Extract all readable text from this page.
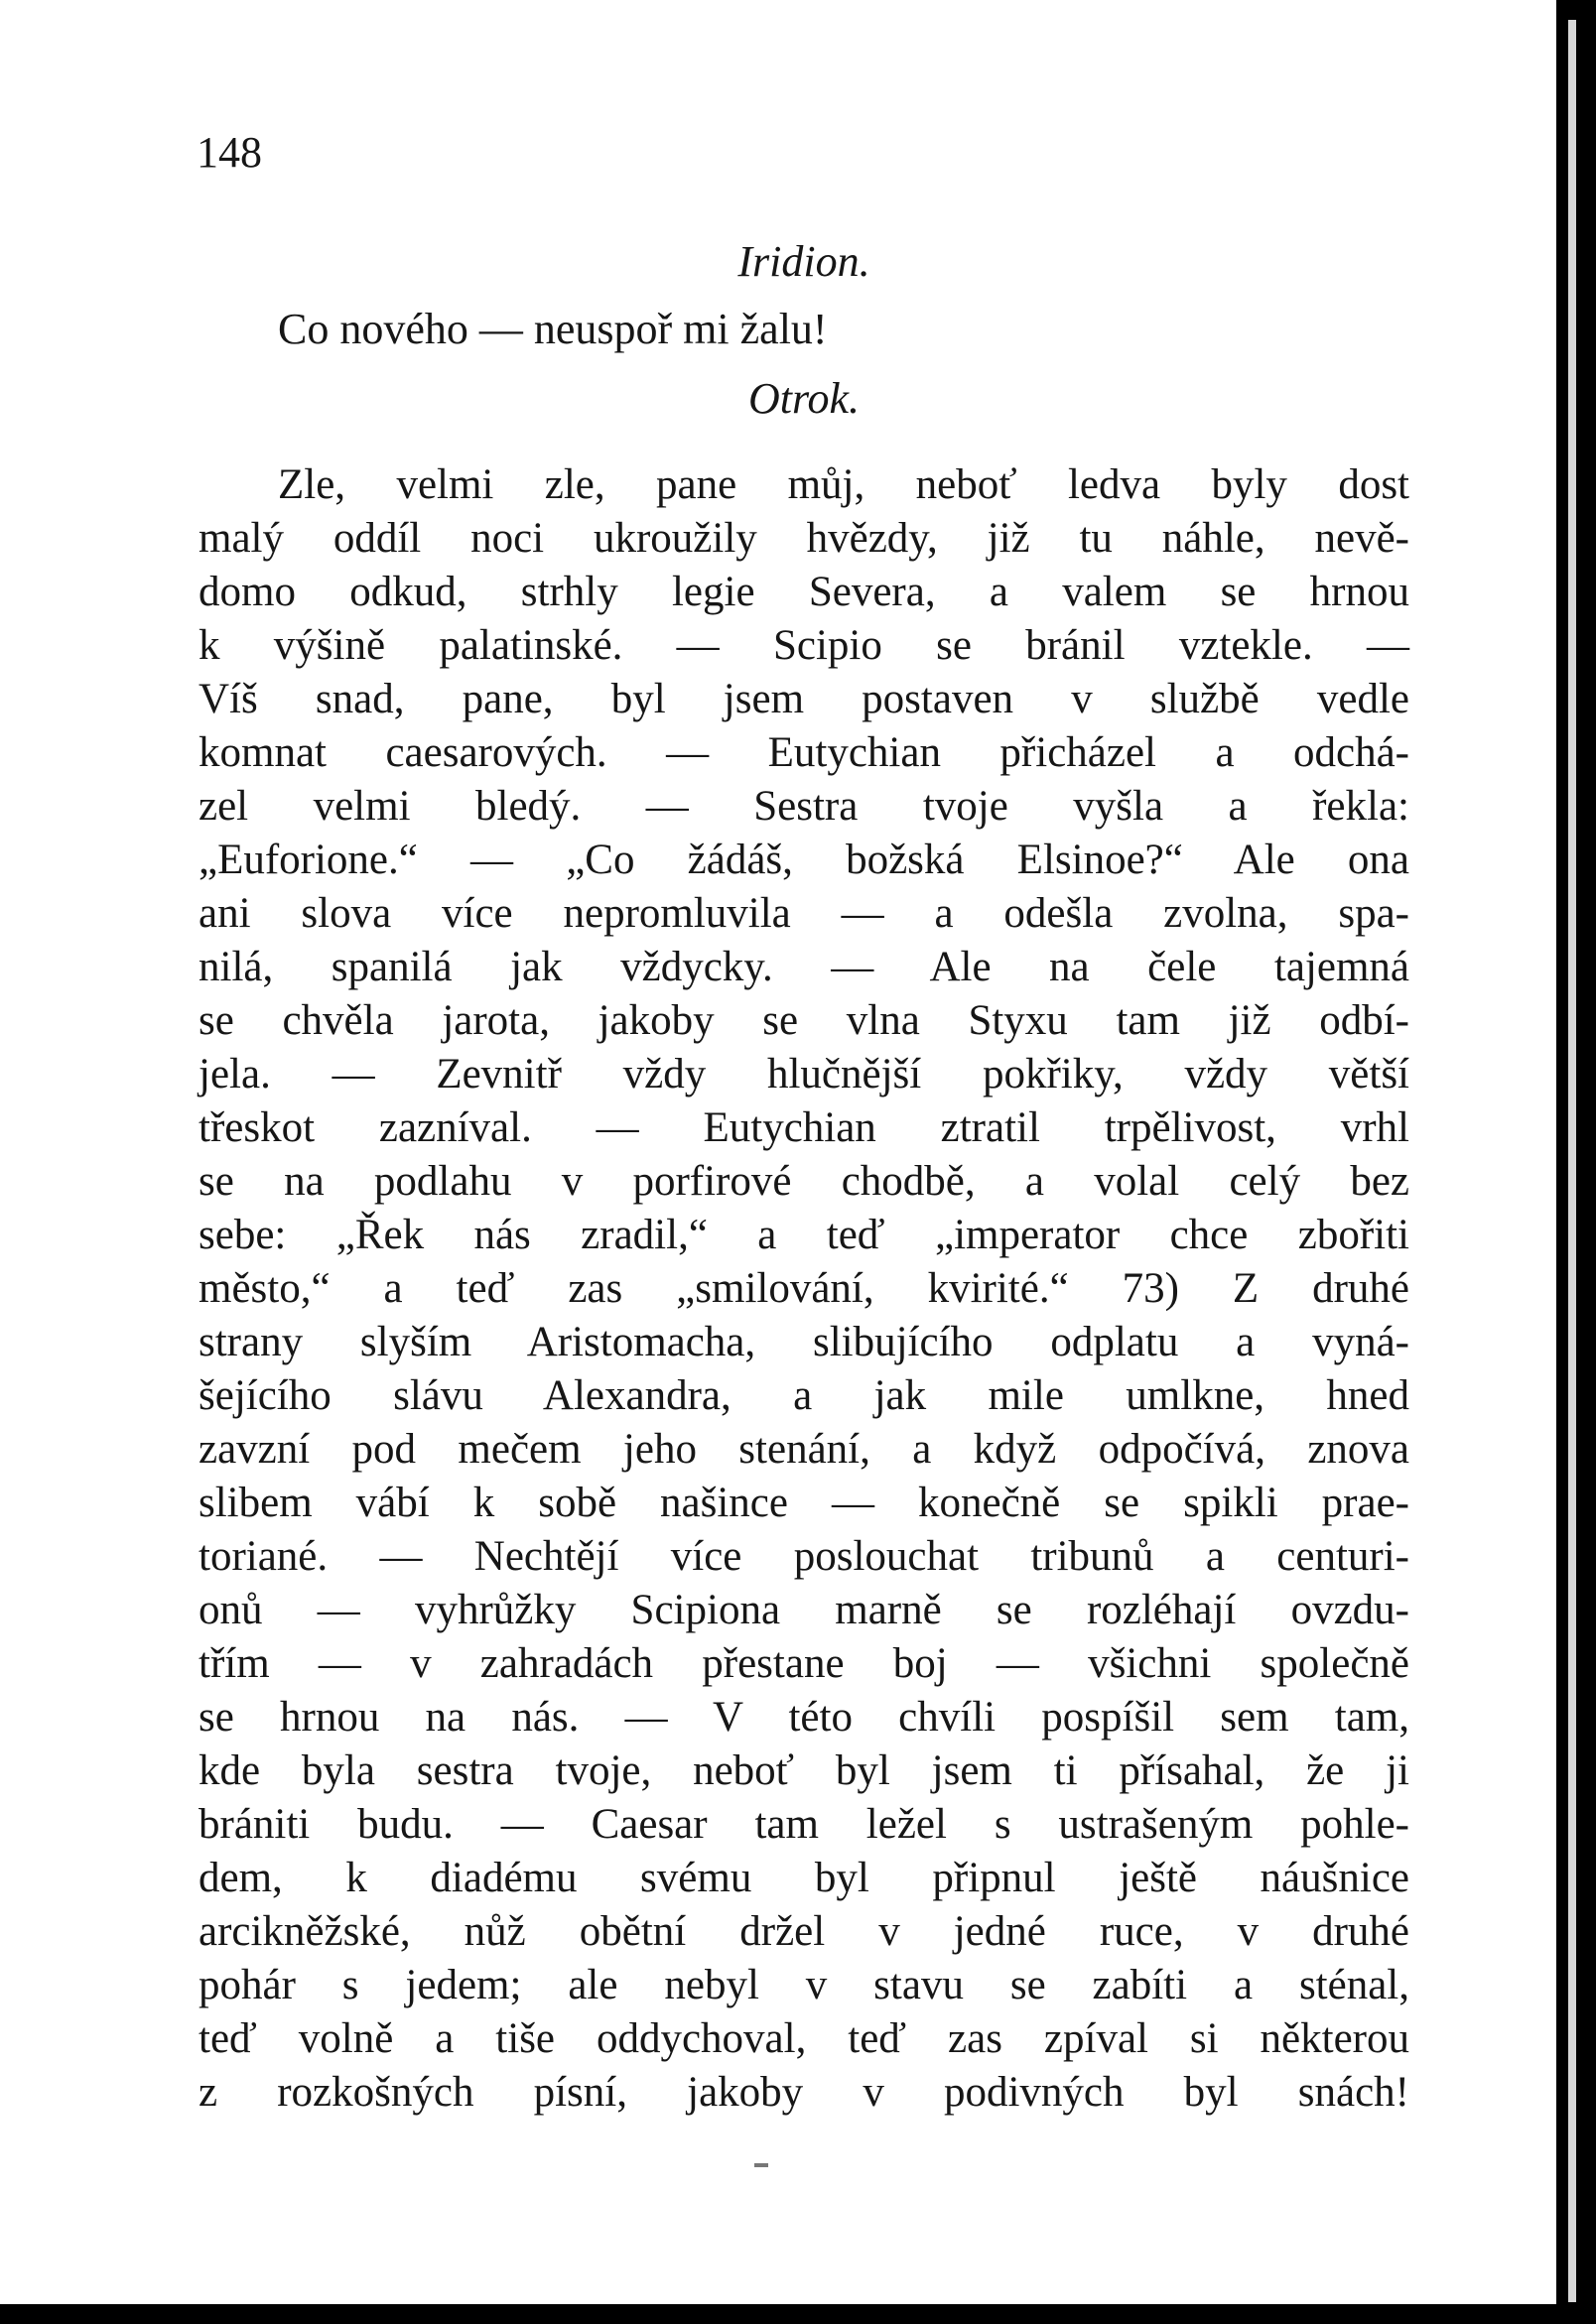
148
Iridion.
Co nového — neuspoř mi žalu!
Otrok.
Zle, velmi zle, pane můj, neboť ledva byly dost
malý oddíl noci ukroužily hvězdy, již tu náhle, nevě-
domo odkud, strhly legie Severa, a valem se hrnou
k výšině palatinské. — Scipio se bránil vztekle. —
Víš snad, pane, byl jsem postaven v službě vedle
komnat caesarových. — Eutychian přicházel a odchá-
zel velmi bledý. — Sestra tvoje vyšla a řekla:
„Euforione.“ — „Co žádáš, božská Elsinoe?“ Ale ona
ani slova více nepromluvila — a odešla zvolna, spa-
nilá, spanilá jak vždycky. — Ale na čele tajemná
se chvěla jarota, jakoby se vlna Styxu tam již odbí-
jela. — Zevnitř vždy hlučnější pokřiky, vždy větší
třeskot zazníval. — Eutychian ztratil trpělivost, vrhl
se na podlahu v porfirové chodbě, a volal celý bez
sebe: „Řek nás zradil,“ a teď „imperator chce zbořiti
město,“ a teď zas „smilování, kvirité.“ 73) Z druhé
strany slyším Aristomacha, slibujícího odplatu a vyná-
šejícího slávu Alexandra, a jak mile umlkne, hned
zavzní pod mečem jeho stenání, a když odpočívá, znova
slibem vábí k sobě našince — konečně se spikli prae-
toriané. — Nechtějí více poslouchat tribunů a centuri-
onů — vyhrůžky Scipiona marně se rozléhají ovzdu-
třím — v zahradách přestane boj — všichni společně
se hrnou na nás. — V této chvíli pospíšil sem tam,
kde byla sestra tvoje, neboť byl jsem ti přísahal, že ji
brániti budu. — Caesar tam ležel s ustrašeným pohle-
dem, k diadému svému byl připnul ještě náušnice
arcikněžské, nůž obětní držel v jedné ruce, v druhé
pohár s jedem; ale nebyl v stavu se zabíti a sténal,
teď volně a tiše oddychoval, teď zas zpíval si některou
z rozkošných písní, jakoby v podivných byl snách!
